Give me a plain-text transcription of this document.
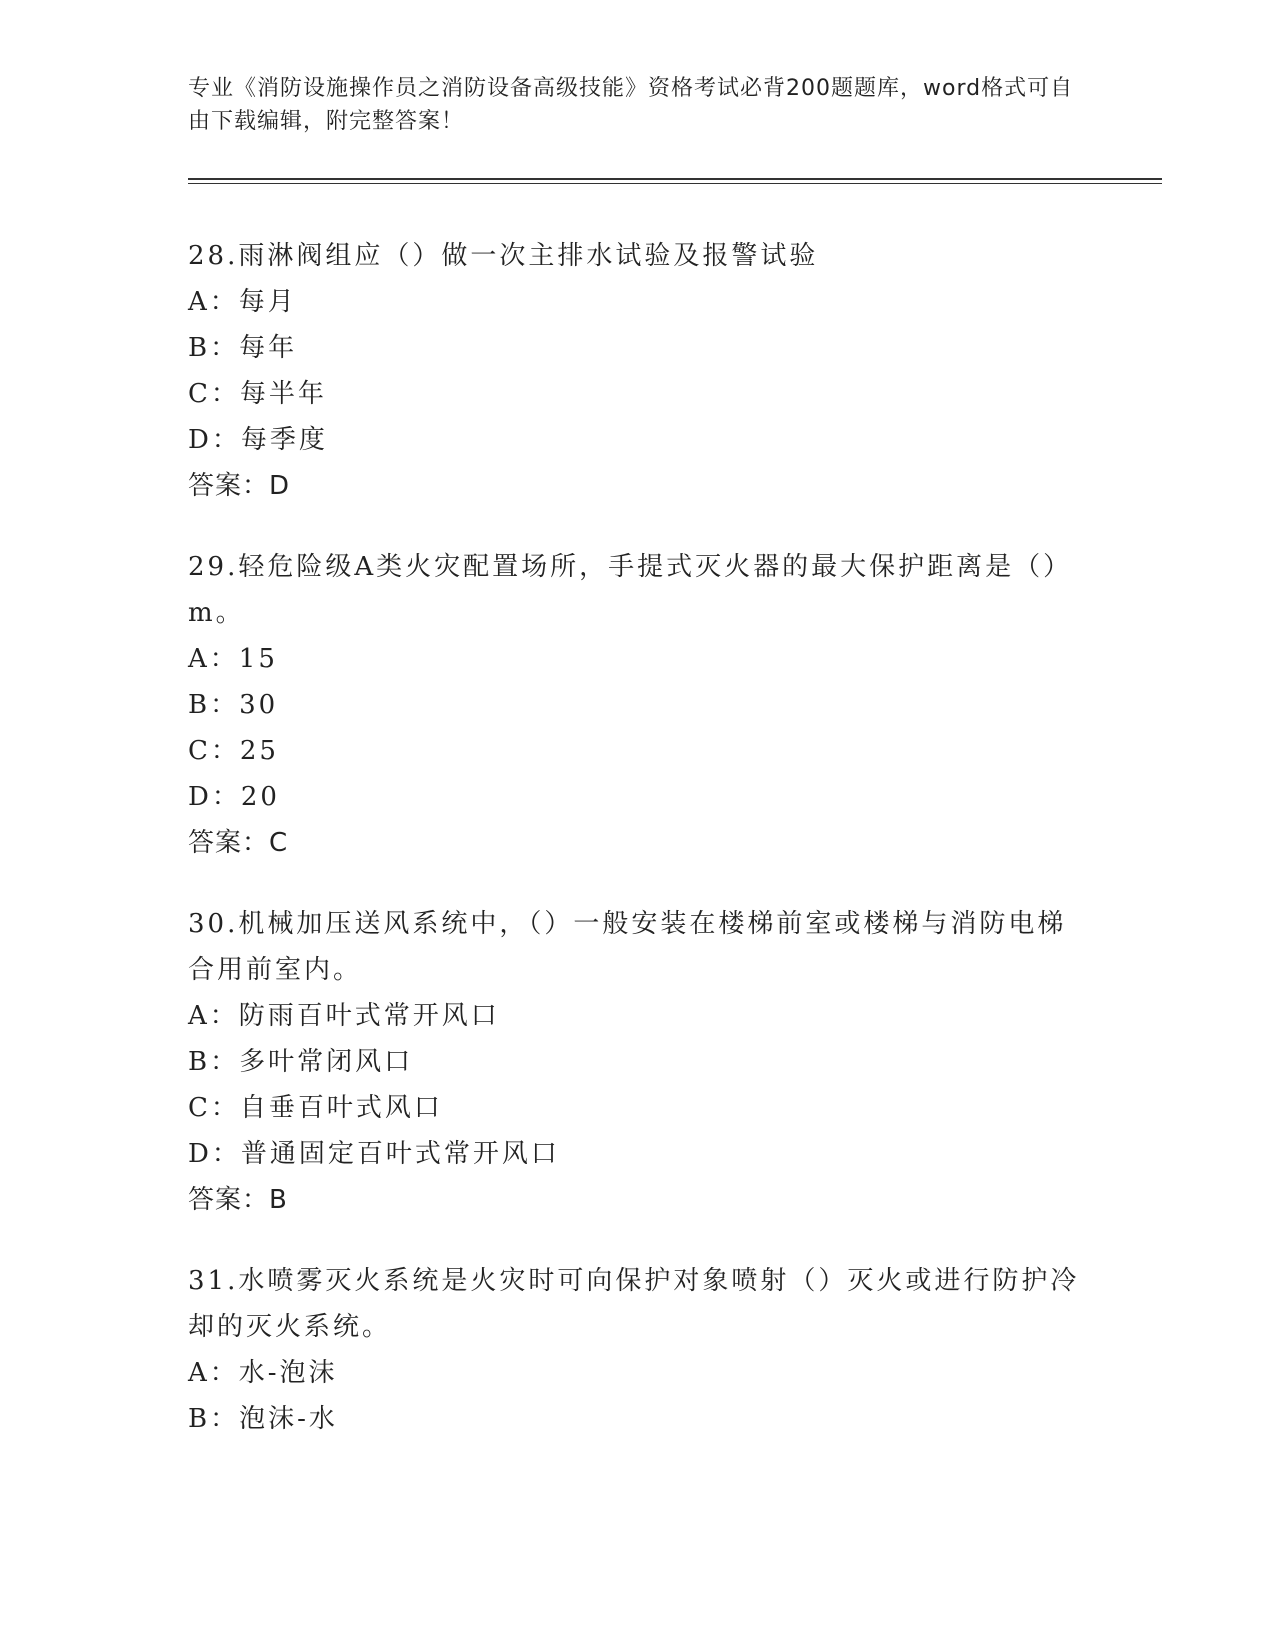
专业《消防设施操作员之消防设备高级技能》资格考试必背200题题库，word格式可自由下载编辑，附完整答案！
28.雨淋阀组应（）做一次主排水试验及报警试验
A：每月
B：每年
C：每半年
D：每季度
答案：D
29.轻危险级A类火灾配置场所，手提式灭火器的最大保护距离是（）m。
A：15
B：30
C：25
D：20
答案：C
30.机械加压送风系统中，（）一般安装在楼梯前室或楼梯与消防电梯合用前室内。
A：防雨百叶式常开风口
B：多叶常闭风口
C：自垂百叶式风口
D：普通固定百叶式常开风口
答案：B
31.水喷雾灭火系统是火灾时可向保护对象喷射（）灭火或进行防护冷却的灭火系统。
A：水-泡沫
B：泡沫-水
